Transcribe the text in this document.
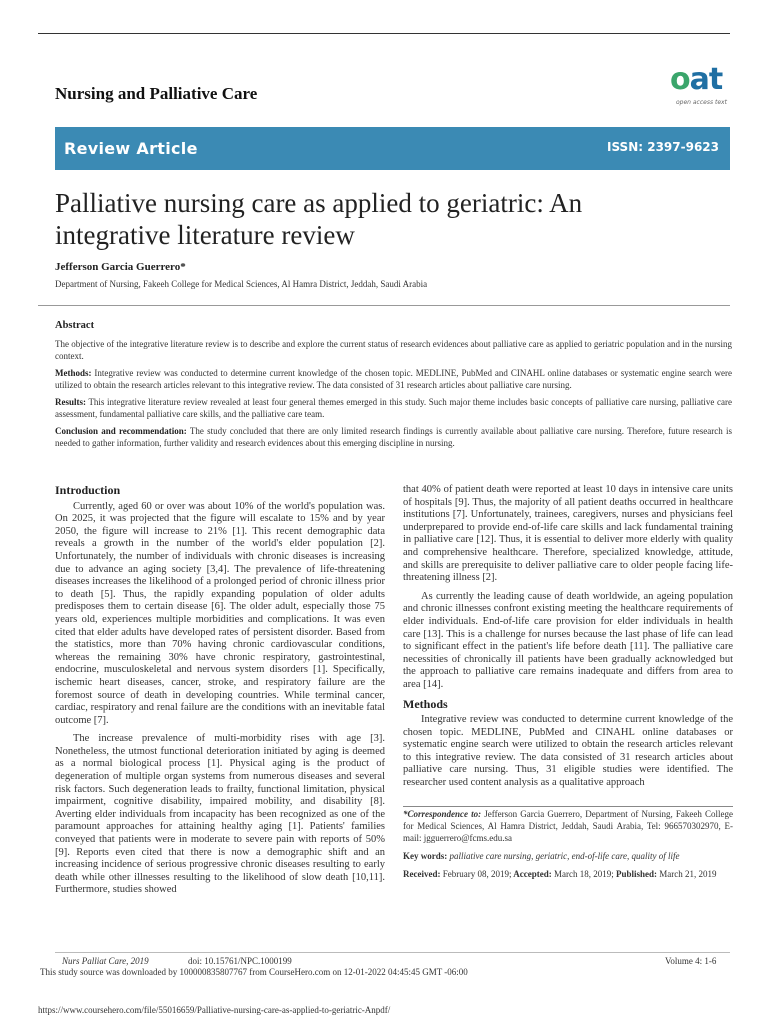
Nursing and Palliative Care	oat
open access text
Review Article	ISSN: 2397-9623
Palliative nursing care as applied to geriatric: An integrative literature review
Jefferson Garcia Guerrero*
Department of Nursing, Fakeeh College for Medical Sciences, Al Hamra District, Jeddah, Saudi Arabia
Abstract

The objective of the integrative literature review is to describe and explore the current status of research evidences about palliative care as applied to geriatric population and in the nursing context.

Methods: Integrative review was conducted to determine current knowledge of the chosen topic. MEDLINE, PubMed and CINAHL online databases or systematic engine search were utilized to obtain the research articles relevant to this integrative review. The data consisted of 31 research articles about palliative care nursing.

Results: This integrative literature review revealed at least four general themes emerged in this study. Such major theme includes basic concepts of palliative care nursing, palliative care assessment, fundamental palliative care skills, and the palliative care team.

Conclusion and recommendation: The study concluded that there are only limited research findings is currently available about palliative care nursing. Therefore, future research is needed to gather information, further validity and research evidences about this emerging discipline in nursing.

Introduction

Currently, aged 60 or over was about 10% of the world's population was. On 2025, it was projected that the figure will escalate to 15% and by year 2050, the figure will increase to 21% [1]. This recent demographic data reveals a growth in the number of the world's elder population [2]. Unfortunately, the number of individuals with chronic diseases is increasing due to advance an aging society [3,4]. The prevalence of life-threatening diseases increases the likelihood of a prolonged period of chronic illness prior to death [5]. Thus, the rapidly expanding population of older adults predisposes them to certain disease [6]. The older adult, especially those 75 years old, experiences multiple morbidities and complications. It was even cited that elder adults have developed rates of persistent disorder. Based from the statistics, more than 70% having chronic cardiovascular conditions, whereas the remaining 30% have chronic respiratory, gastrointestinal, endocrine, musculoskeletal and nervous system disorders [1]. Specifically, ischemic heart diseases, cancer, stroke, and respiratory failure are the foremost source of death in developing countries. While terminal cancer, cardiac, respiratory and renal failure are the conditions with an inevitable fatal outcome [7].

The increase prevalence of multi-morbidity rises with age [3]. Nonetheless, the utmost functional deterioration initiated by aging is deemed as a normal biological process [1]. Physical aging is the product of degeneration of multiple organ systems from numerous diseases and several risk factors. Such degeneration leads to frailty, functional limitation, physical impairment, cognitive disability, impaired mobility, and disability [8]. Averting elder individuals from incapacity has been recognized as one of the paramount approaches for attaining healthy aging [1]. Patients' families conveyed that patients were in moderate to severe pain with reports of 50% [9]. Reports even cited that there is now a demographic shift and an increasing incidence of serious progressive chronic diseases resulting to early death while other illnesses resulting to the likelihood of slow death [10,11]. Furthermore, studies showed

that 40% of patient death were reported at least 10 days in intensive care units of hospitals [9]. Thus, the majority of all patient deaths occurred in healthcare institutions [7]. Unfortunately, trainees, caregivers, nurses and physicians feel underprepared to provide end-of-life care skills and lack fundamental training in palliative care [12]. Thus, it is essential to deliver more elderly with quality and comprehensive healthcare. Therefore, specialized knowledge, attitude, and skills are prerequisite to deliver palliative care to older people facing life-threatening illness [2].

As currently the leading cause of death worldwide, an ageing population and chronic illnesses confront existing meeting the healthcare requirements of elder individuals. End-of-life care provision for elder individuals in health care [13]. This is a challenge for nurses because the last phase of life can lead to significant effect in the patient's life before death [11]. The palliative care necessities of chronically ill patients have been gradually acknowledged but the approach to palliative care remains inadequate and differs from area to area [14].

Methods

Integrative review was conducted to determine current knowledge of the chosen topic. MEDLINE, PubMed and CINAHL online databases or systematic engine search were utilized to obtain the research articles relevant to this integrative review. The data consisted of 31 research articles about palliative care nursing. Thus, 31 eligible studies were identified. The researcher used content analysis as a qualitative approach

*Correspondence to: Jefferson Garcia Guerrero, Department of Nursing, Fakeeh College for Medical Sciences, Al Hamra District, Jeddah, Saudi Arabia, Tel: 966570302970, E-mail: jgguerrero@fcms.edu.sa

Key words: palliative care nursing, geriatric, end-of-life care, quality of life

Received: February 08, 2019; Accepted: March 18, 2019; Published: March 21, 2019

Nurs Palliat Care, 2019	doi: 10.15761/NPC.1000199	Volume 4: 1-6
This study source was downloaded by 100000835807767 from CourseHero.com on 12-01-2022 04:45:45 GMT -06:00
https://www.coursehero.com/file/55016659/Palliative-nursing-care-as-applied-to-geriatric-Anpdf/
